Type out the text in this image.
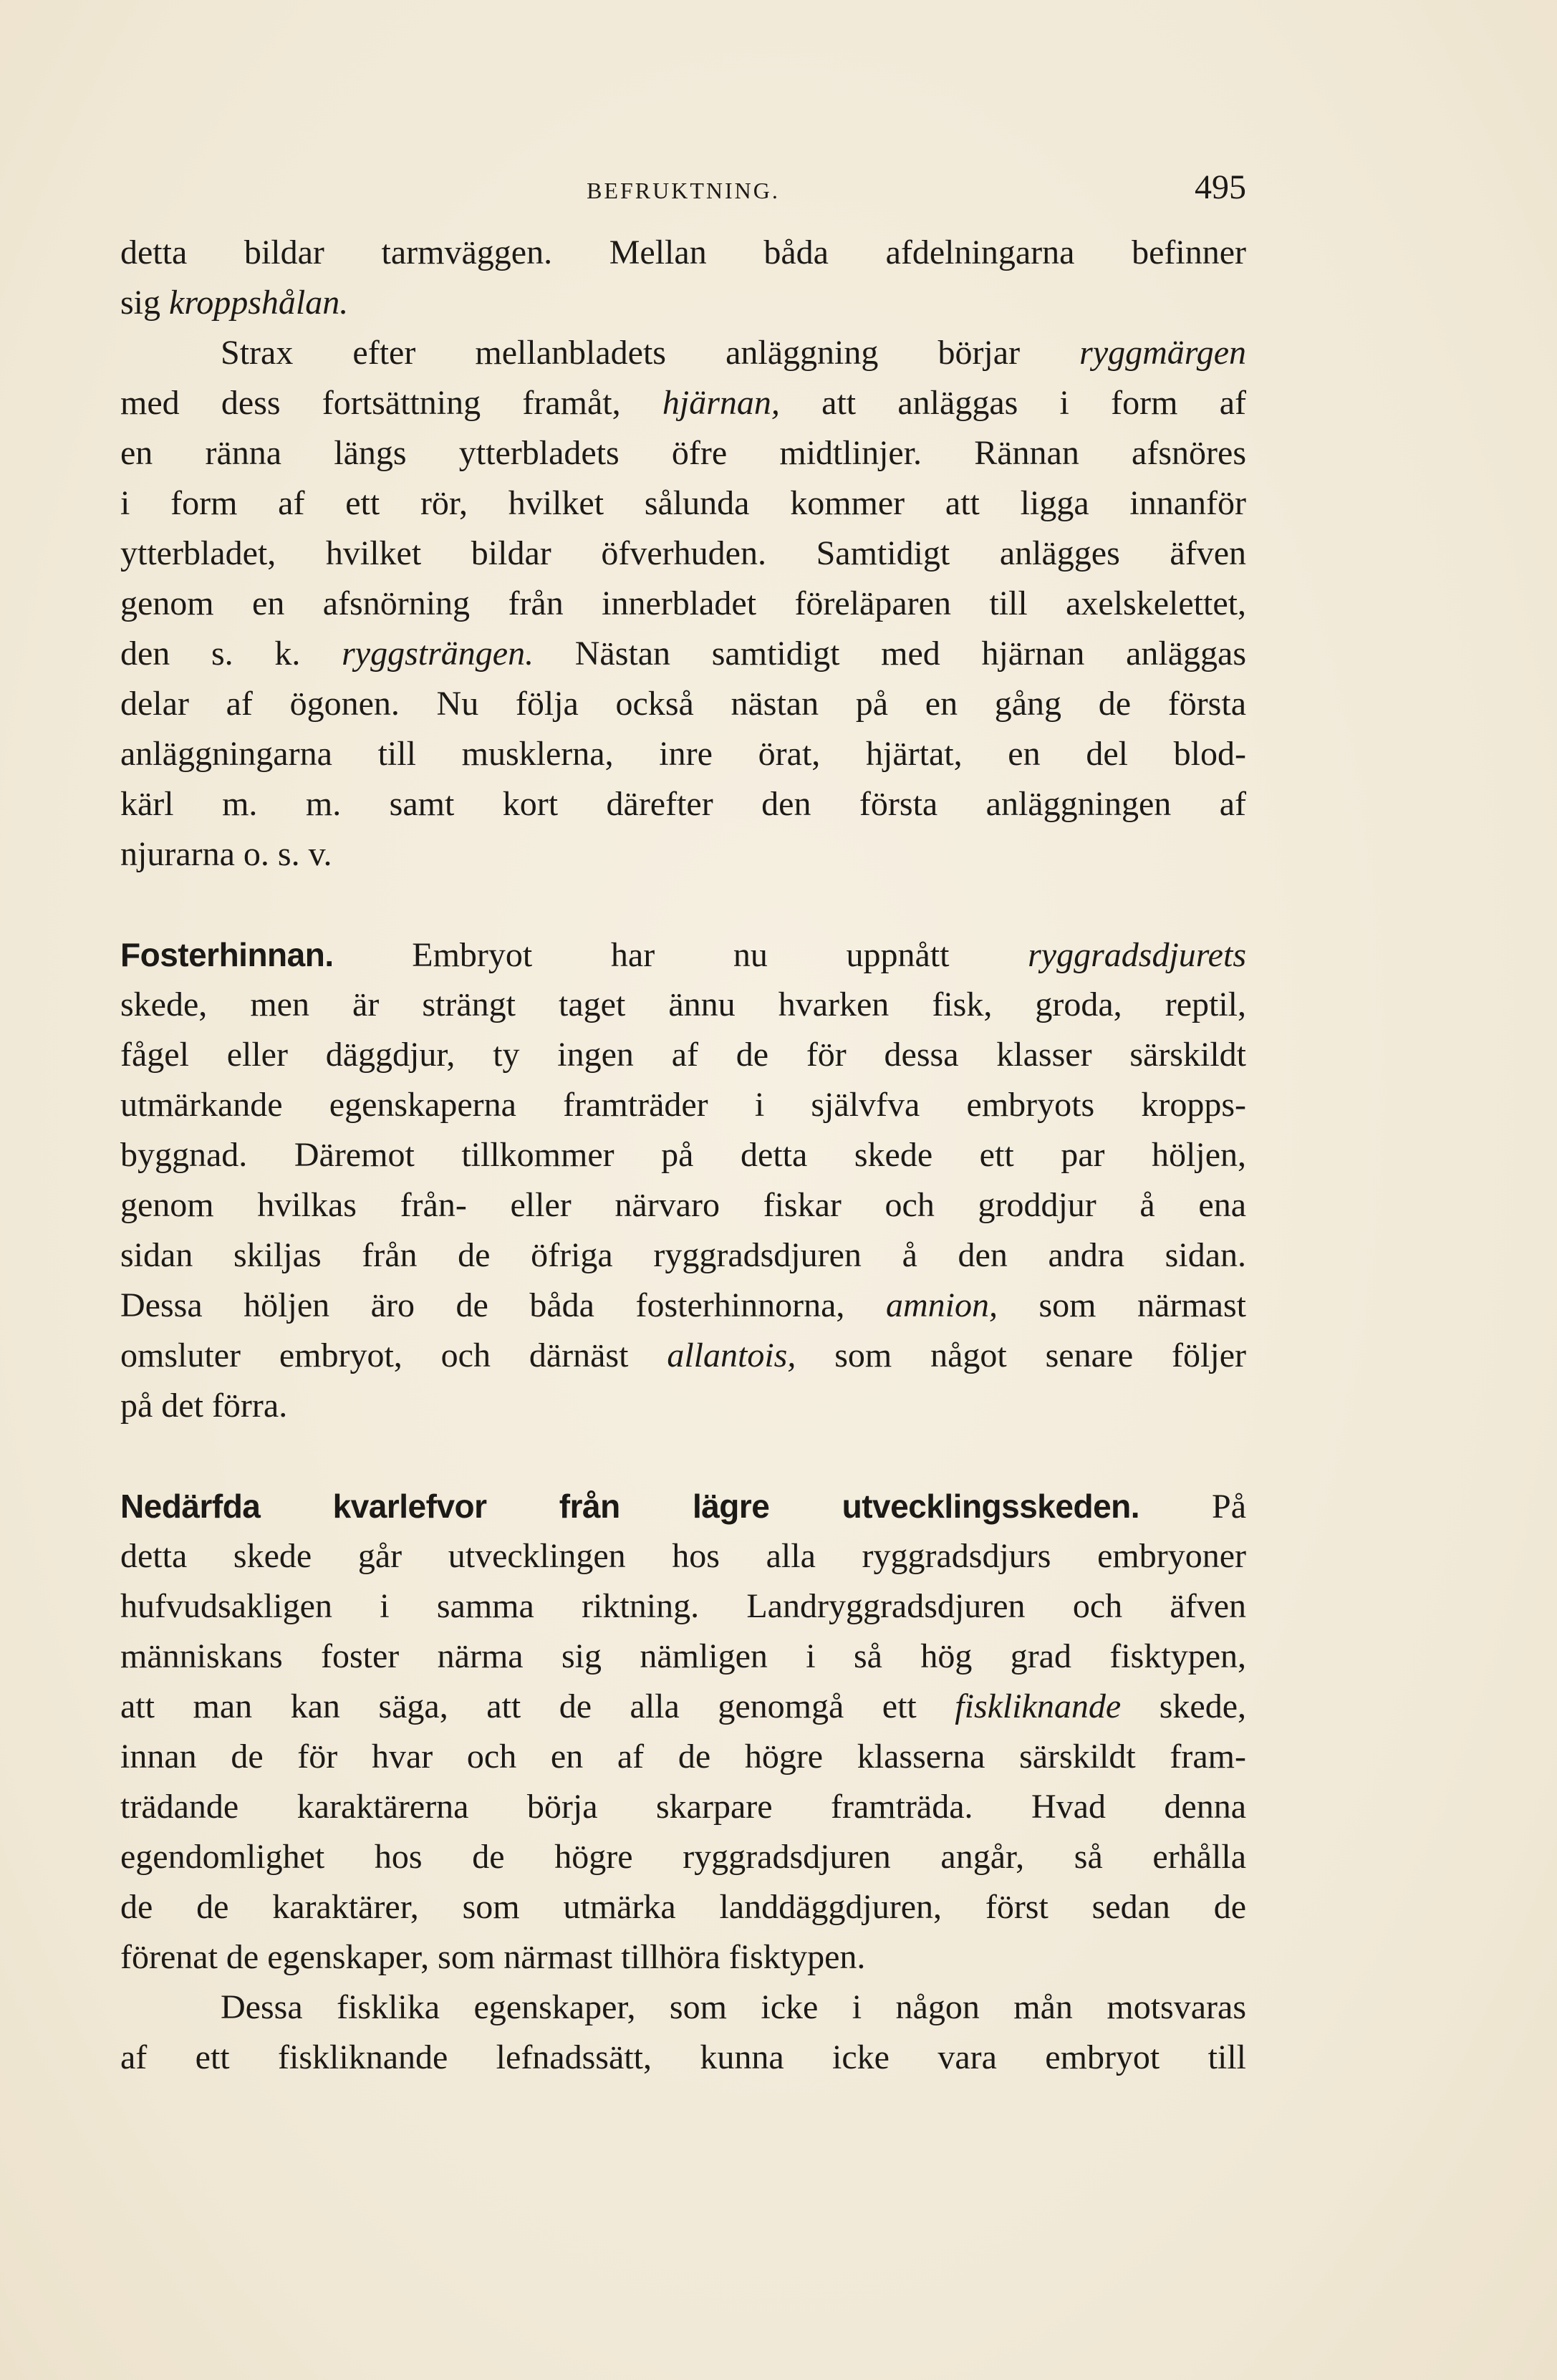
BEFRUKTNING.	495
detta bildar tarmväggen. Mellan båda afdelningarna befinner
sig kroppshålan.
Strax efter mellanbladets anläggning börjar ryggmärgen
med dess fortsättning framåt, hjärnan, att anläggas i form af
en ränna längs ytterbladets öfre midtlinjer. Rännan afsnöres
i form af ett rör, hvilket sålunda kommer att ligga innanför
ytterbladet, hvilket bildar öfverhuden. Samtidigt anlägges äfven
genom en afsnörning från innerbladet föreläparen till axelskelettet,
den s. k. ryggsträngen. Nästan samtidigt med hjärnan anläggas
delar af ögonen. Nu följa också nästan på en gång de första
anläggningarna till musklerna, inre örat, hjärtat, en del blod-
kärl m. m. samt kort därefter den första anläggningen af
njurarna o. s. v.
Fosterhinnan. Embryot har nu uppnått ryggradsdjurets
skede, men är strängt taget ännu hvarken fisk, groda, reptil,
fågel eller däggdjur, ty ingen af de för dessa klasser särskildt
utmärkande egenskaperna framträder i självfva embryots kropps-
byggnad. Däremot tillkommer på detta skede ett par höljen,
genom hvilkas från- eller närvaro fiskar och groddjur å ena
sidan skiljas från de öfriga ryggradsdjuren å den andra sidan.
Dessa höljen äro de båda fosterhinnorna, amnion, som närmast
omsluter embryot, och därnäst allantois, som något senare följer
på det förra.
Nedärfda kvarlefvor från lägre utvecklingsskeden. På
detta skede går utvecklingen hos alla ryggradsdjurs embryoner
hufvudsakligen i samma riktning. Landryggradsdjuren och äfven
människans foster närma sig nämligen i så hög grad fisktypen,
att man kan säga, att de alla genomgå ett fiskliknande skede,
innan de för hvar och en af de högre klasserna särskildt fram-
trädande karaktärerna börja skarpare framträda. Hvad denna
egendomlighet hos de högre ryggradsdjuren angår, så erhålla
de de karaktärer, som utmärka landdäggdjuren, först sedan de
förenat de egenskaper, som närmast tillhöra fisktypen.
Dessa fisklika egenskaper, som icke i någon mån motsvaras
af ett fiskliknande lefnadssätt, kunna icke vara embryot till
